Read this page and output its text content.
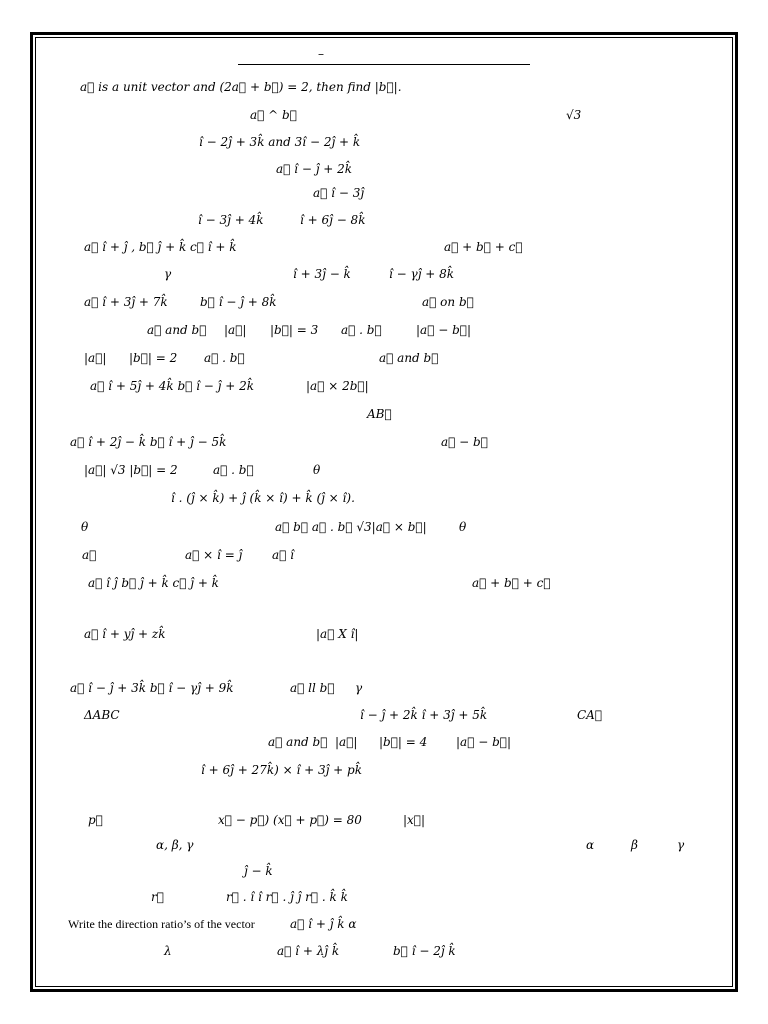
–
a⃗ is a unit vector and (2a⃗ + b⃗) = 2, then find |b⃗|.
a⃗ ^ b⃗	√3
î − 2ĵ + 3k̂ and 3î − 2ĵ + k̂
a⃗ î − ĵ + 2k̂
a⃗ î − 3ĵ
î − 3ĵ + 4k̂	î + 6ĵ − 8k̂
a⃗ î + ĵ , b⃗ ĵ + k̂ c⃗ î + k̂	a⃗ + b⃗ + c⃗
γ	î + 3ĵ − k̂	î − γĵ + 8k̂
a⃗ î + 3ĵ + 7k̂	b⃗ î − ĵ + 8k̂	a⃗ on b⃗
a⃗ and b⃗ |a⃗| |b⃗| = 3 a⃗ . b⃗	|a⃗ − b⃗|
|a⃗| |b⃗| = 2 a⃗ . b⃗	a⃗ and b⃗
a⃗ î + 5ĵ + 4k̂ b⃗ î − ĵ + 2k̂	|a⃗ × 2b⃗|
AB⃗
a⃗ î + 2ĵ − k̂ b⃗ î + ĵ − 5k̂	a⃗ − b⃗
|a⃗| √3 |b⃗| = 2	a⃗ . b⃗	θ
î . (ĵ × k̂) + ĵ (k̂ × î) + k̂ (ĵ × î).
θ	a⃗ b⃗ a⃗ . b⃗ √3|a⃗ × b⃗|	θ
a⃗	a⃗ × î = ĵ a⃗ î
a⃗ î ĵ b⃗ ĵ + k̂ c⃗ ĵ + k̂	a⃗ + b⃗ + c⃗
a⃗ î + yĵ + zk̂	|a⃗ X î|
a⃗ î − ĵ + 3k̂ b⃗ î − γĵ + 9k̂	a⃗ ll b⃗ γ
ΔABC	î − ĵ + 2k̂ î + 3ĵ + 5k̂	CA⃗
a⃗ and b⃗ |a⃗| |b⃗| = 4 |a⃗ − b⃗|
î + 6ĵ + 27k̂) × î + 3ĵ + pk̂
p⃗	x⃗ − p⃗) (x⃗ + p⃗) = 80	|x⃗|
α, β, γ	α	β	γ
ĵ − k̂
r⃗	r⃗ . î î r⃗ . ĵ ĵ r⃗ . k̂ k̂
Write the direction ratio’s of the vector	a⃗ î + ĵ k̂ α
λ	a⃗ î + λĵ k̂	b⃗ î − 2ĵ k̂
